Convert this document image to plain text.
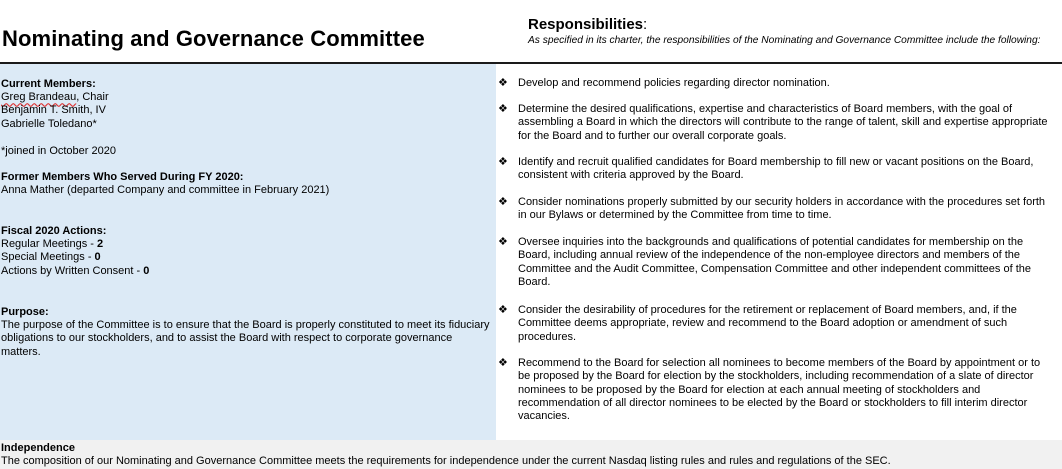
Nominating and Governance Committee
Responsibilities:
As specified in its charter, the responsibilities of the Nominating and Governance Committee include the following:
Current Members:
Greg Brandeau, Chair
Benjamin T. Smith, IV
Gabrielle Toledano*
*joined in October 2020
Former Members Who Served During FY 2020:
Anna Mather (departed Company and committee in February 2021)
Fiscal 2020 Actions:
Regular Meetings - 2
Special Meetings - 0
Actions by Written Consent - 0
Purpose:
The purpose of the Committee is to ensure that the Board is properly constituted to meet its fiduciary obligations to our stockholders, and to assist the Board with respect to corporate governance matters.
❖ Develop and recommend policies regarding director nomination.
❖ Determine the desired qualifications, expertise and characteristics of Board members, with the goal of assembling a Board in which the directors will contribute to the range of talent, skill and expertise appropriate for the Board and to further our overall corporate goals.
❖ Identify and recruit qualified candidates for Board membership to fill new or vacant positions on the Board, consistent with criteria approved by the Board.
❖ Consider nominations properly submitted by our security holders in accordance with the procedures set forth in our Bylaws or determined by the Committee from time to time.
❖ Oversee inquiries into the backgrounds and qualifications of potential candidates for membership on the Board, including annual review of the independence of the non-employee directors and members of the Committee and the Audit Committee, Compensation Committee and other independent committees of the Board.
❖ Consider the desirability of procedures for the retirement or replacement of Board members, and, if the Committee deems appropriate, review and recommend to the Board adoption or amendment of such procedures.
❖ Recommend to the Board for selection all nominees to become members of the Board by appointment or to be proposed by the Board for election by the stockholders, including recommendation of a slate of director nominees to be proposed by the Board for election at each annual meeting of stockholders and recommendation of all director nominees to be elected by the Board or stockholders to fill interim director vacancies.
Independence
The composition of our Nominating and Governance Committee meets the requirements for independence under the current Nasdaq listing rules and rules and regulations of the SEC.
